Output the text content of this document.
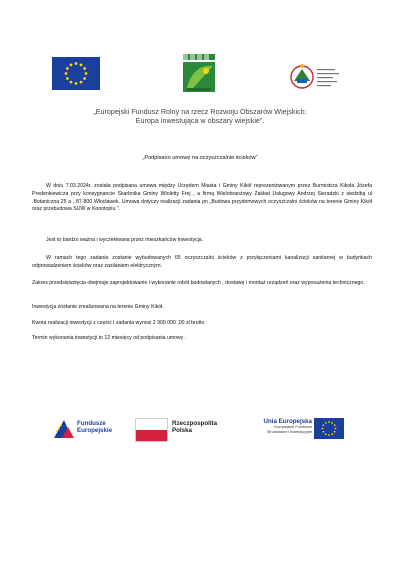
„Europejski Fundusz Rolny na rzecz Rozwoju Obszarów Wiejskich:
Europa inwestująca w obszary wiejskie”.
„Podpisano umowę na oczyszczalnie ścieków”
W dniu 7.03.2024r. została podpisana umowa między Urzędem Miasta i Gminy Kikół reprezentowanym przez Burmistrza Kikoła Józefa Predenkiewicza przy konsygnancie Skarbnika Gminy Wioletty Frej , a firmą Wielobranżowy Zakład Usługowy Andrzej Sieradzki z siedzibą ul .Botaniczna 25 a , 87-800 Włocławek. Umowa dotyczy realizacji zadania pn „Budowa przydomowych oczyszczalni ścieków na terenie Gminy Kikół oraz przebudowa SUW w Konotopiu ”.
Jest to bardzo ważna i wyczekiwana przez mieszkańców inwestycja.
W ramach tego zadania zostanie wybudowanych 65 oczyszczalni ścieków z przyłączeniami kanalizacji sanitarnej w budynkach odprowadzeniem ścieków oraz zasilaniem elektrycznym.
Zakres przedsięwzięcia obejmuje zaprojektowanie i wykonanie robót budowlanych , dostawę i montaż urządzeń oraz wyposażenia technicznego.
Inwestycja zostanie zrealizowana na terenie Gminy Kikół.
Kwota realizacji inwestycji z części I zadania wynosi 2 900 000 ,00 zł brutto
Termin wykonania inwestycji to 12 miesięcy od podpisania umowy .
Fundusze
Europejskie
Rzeczpospolita
Polska
Unia Europejska
Europejskie Fundusze
Strukturalne i Inwestycyjne
